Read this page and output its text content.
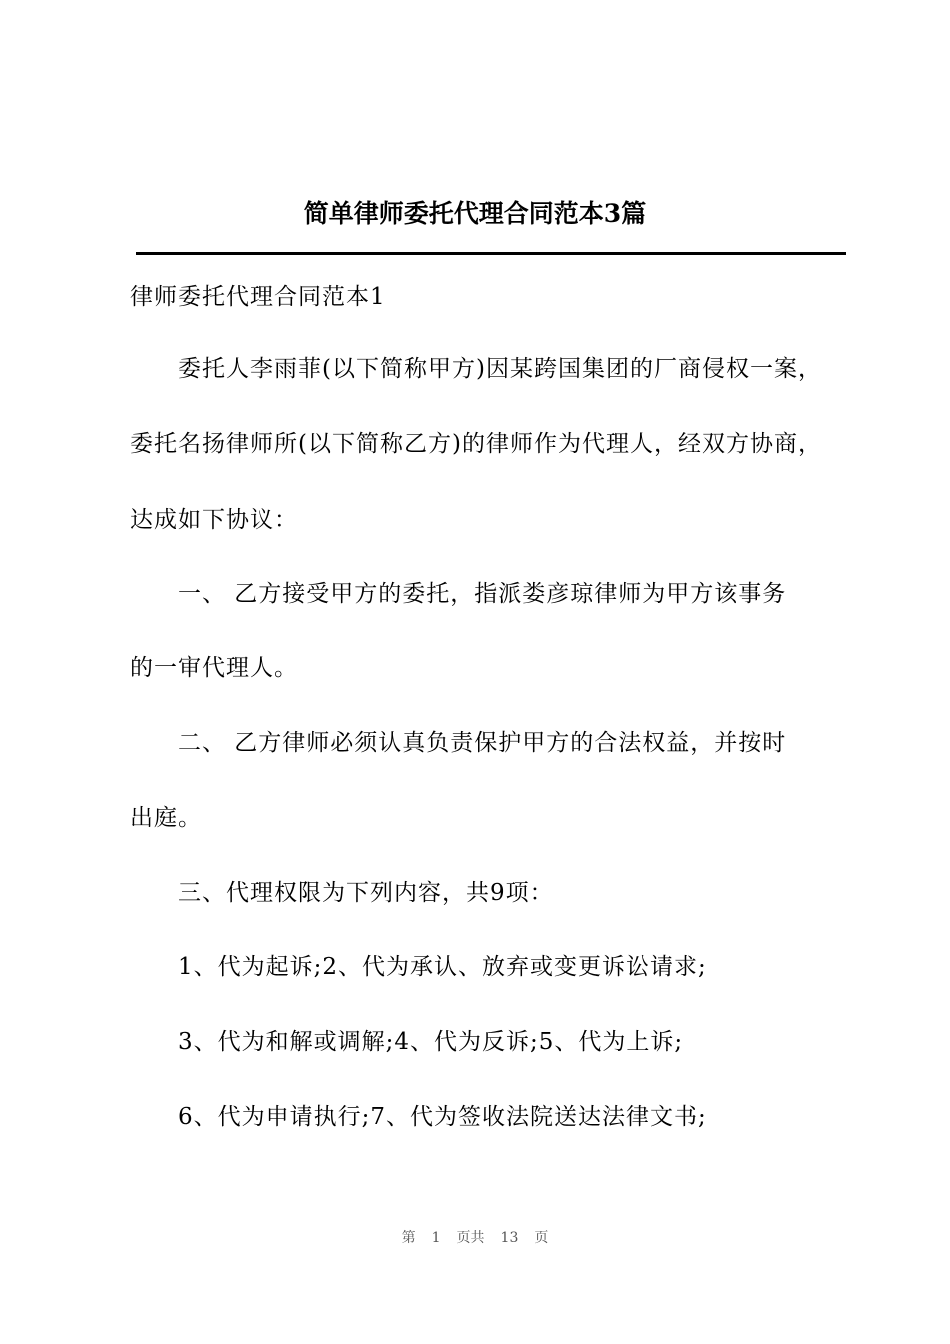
简单律师委托代理合同范本3篇
律师委托代理合同范本1
委托人李雨菲(以下简称甲方)因某跨国集团的厂商侵权一案，
委托名扬律师所(以下简称乙方)的律师作为代理人，经双方协商，
达成如下协议：
一、 乙方接受甲方的委托，指派娄彦琼律师为甲方该事务
的一审代理人。
二、 乙方律师必须认真负责保护甲方的合法权益，并按时
出庭。
三、代理权限为下列内容，共9项：
1、代为起诉;2、代为承认、放弃或变更诉讼请求;
3、代为和解或调解;4、代为反诉;5、代为上诉;
6、代为申请执行;7、代为签收法院送达法律文书;
第 1 页共 13 页
